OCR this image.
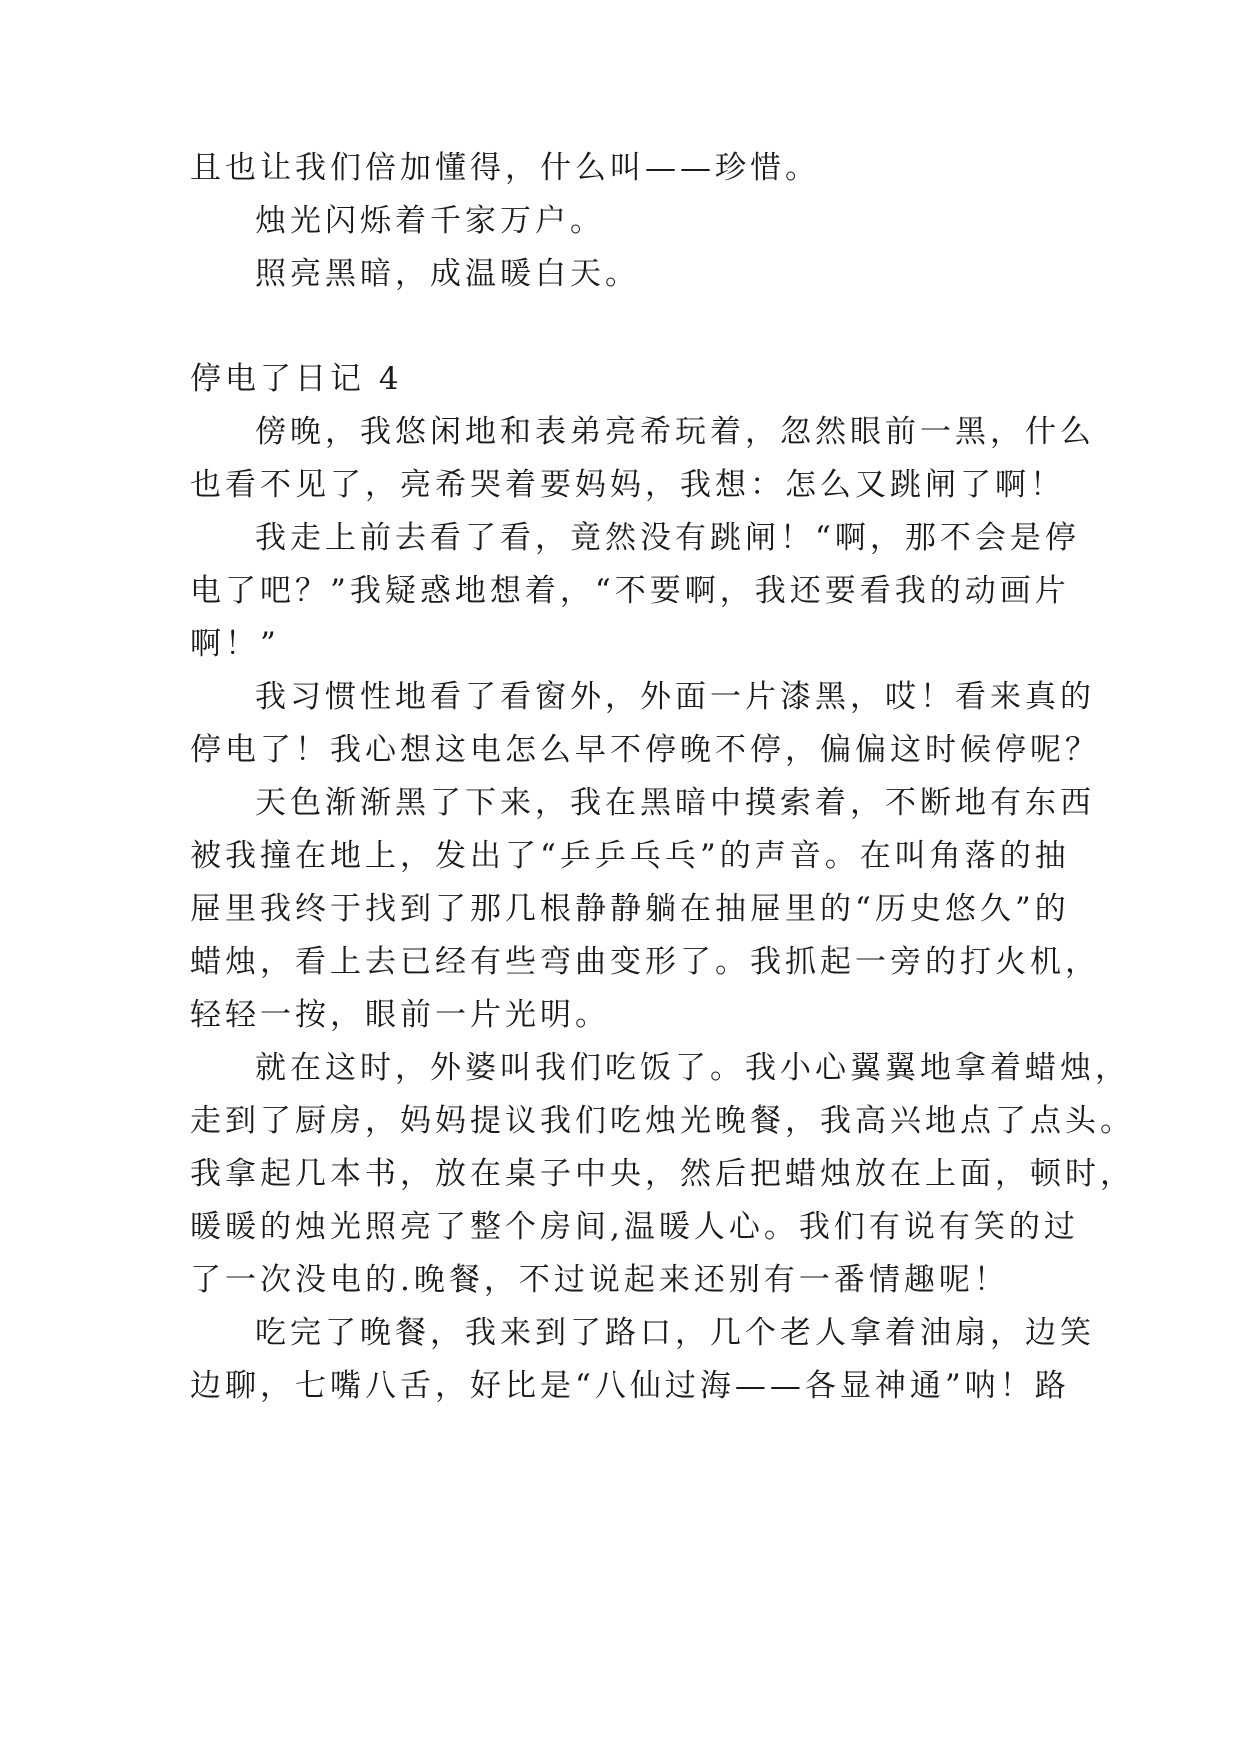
且也让我们倍加懂得，什么叫——珍惜。
烛光闪烁着千家万户。
照亮黑暗，成温暖白天。
停电了日记 4
傍晚，我悠闲地和表弟亮希玩着，忽然眼前一黑，什么
也看不见了，亮希哭着要妈妈，我想：怎么又跳闸了啊！
我走上前去看了看，竟然没有跳闸！“啊，那不会是停
电了吧？”我疑惑地想着，“不要啊，我还要看我的动画片
啊！”
我习惯性地看了看窗外，外面一片漆黑，哎！看来真的
停电了！我心想这电怎么早不停晚不停，偏偏这时候停呢？
天色渐渐黑了下来，我在黑暗中摸索着，不断地有东西
被我撞在地上，发出了“乒乒乓乓”的声音。在叫角落的抽
屉里我终于找到了那几根静静躺在抽屉里的“历史悠久”的
蜡烛，看上去已经有些弯曲变形了。我抓起一旁的打火机，
轻轻一按，眼前一片光明。
就在这时，外婆叫我们吃饭了。我小心翼翼地拿着蜡烛，
走到了厨房，妈妈提议我们吃烛光晚餐，我高兴地点了点头。
我拿起几本书，放在桌子中央，然后把蜡烛放在上面，顿时，
暖暖的烛光照亮了整个房间,温暖人心。我们有说有笑的过
了一次没电的.晚餐，不过说起来还别有一番情趣呢！
吃完了晚餐，我来到了路口，几个老人拿着油扇，边笑
边聊，七嘴八舌，好比是“八仙过海——各显神通”呐！路
